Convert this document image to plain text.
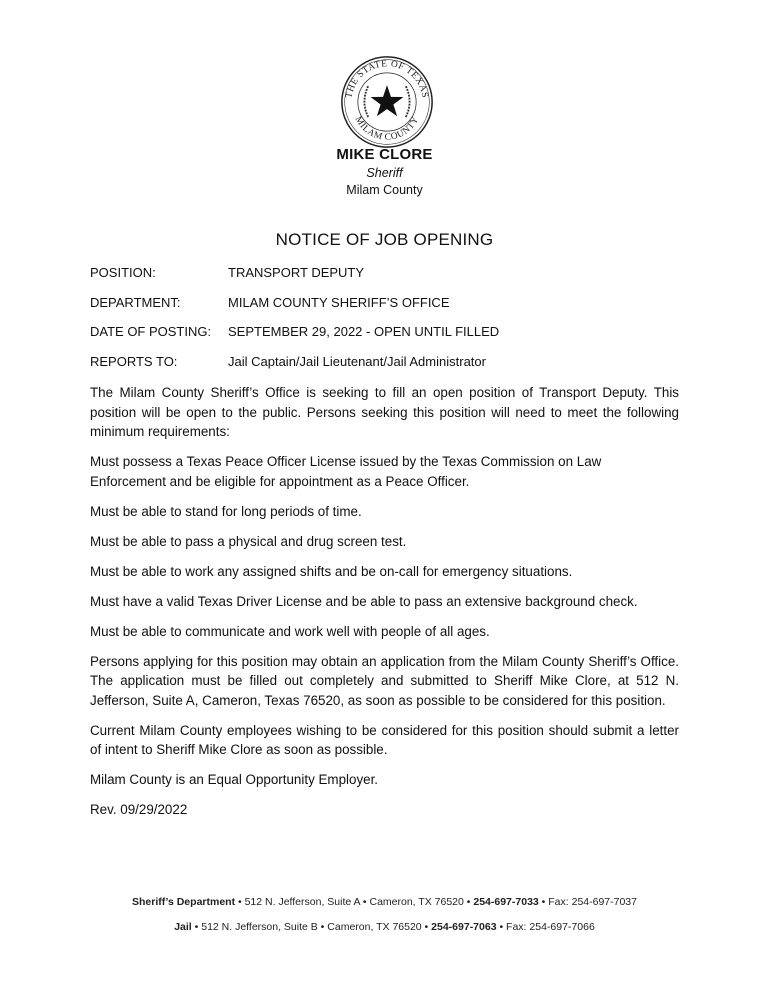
THE STATE OF TEXAS
MILAM COUNTY
MIKE CLORE
Sheriff
Milam County
NOTICE OF JOB OPENING
POSITION:	TRANSPORT DEPUTY
DEPARTMENT:	MILAM COUNTY SHERIFF’S OFFICE
DATE OF POSTING: SEPTEMBER 29, 2022 - OPEN UNTIL FILLED
REPORTS TO:	Jail Captain/Jail Lieutenant/Jail Administrator

The Milam County Sheriff’s Office is seeking to fill an open position of Transport Deputy. This position will be open to the public. Persons seeking this position will need to meet the following minimum requirements:

Must possess a Texas Peace Officer License issued by the Texas Commission on Law Enforcement and be eligible for appointment as a Peace Officer.

Must be able to stand for long periods of time.

Must be able to pass a physical and drug screen test.

Must be able to work any assigned shifts and be on-call for emergency situations.

Must have a valid Texas Driver License and be able to pass an extensive background check.

Must be able to communicate and work well with people of all ages.

Persons applying for this position may obtain an application from the Milam County Sheriff’s Office. The application must be filled out completely and submitted to Sheriff Mike Clore, at 512 N. Jefferson, Suite A, Cameron, Texas 76520, as soon as possible to be considered for this position.

Current Milam County employees wishing to be considered for this position should submit a letter of intent to Sheriff Mike Clore as soon as possible.

Milam County is an Equal Opportunity Employer.

Rev. 09/29/2022

Sheriff’s Department • 512 N. Jefferson, Suite A • Cameron, TX 76520 • 254-697-7033 • Fax: 254-697-7037
Jail • 512 N. Jefferson, Suite B • Cameron, TX 76520 • 254-697-7063 • Fax: 254-697-7066
